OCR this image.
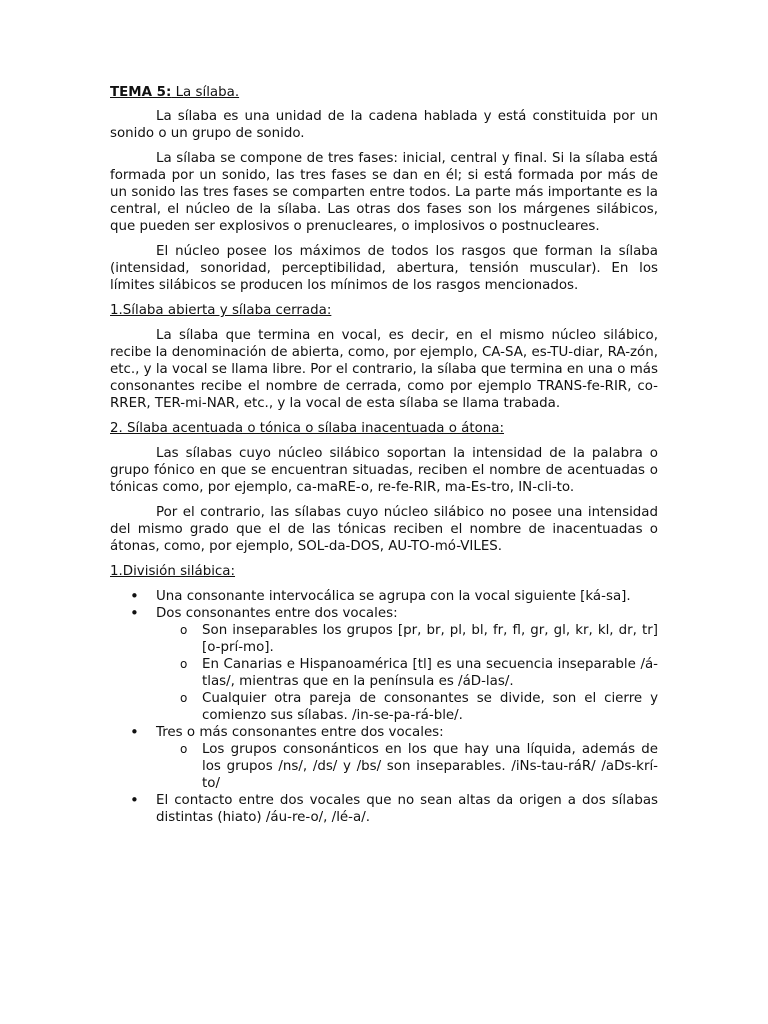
TEMA 5: La sílaba.

La sílaba es una unidad de la cadena hablada y está constituida por un sonido o un grupo de sonido.

La sílaba se compone de tres fases: inicial, central y final. Si la sílaba está formada por un sonido, las tres fases se dan en él; si está formada por más de un sonido las tres fases se comparten entre todos. La parte más importante es la central, el núcleo de la sílaba. Las otras dos fases son los márgenes silábicos, que pueden ser explosivos o prenucleares, o implosivos o postnucleares.

El núcleo posee los máximos de todos los rasgos que forman la sílaba (intensidad, sonoridad, perceptibilidad, abertura, tensión muscular). En los límites silábicos se producen los mínimos de los rasgos mencionados.

1.Sílaba abierta y sílaba cerrada:

La sílaba que termina en vocal, es decir, en el mismo núcleo silábico, recibe la denominación de abierta, como, por ejemplo, CA-SA, es-TU-diar, RA-zón, etc., y la vocal se llama libre. Por el contrario, la sílaba que termina en una o más consonantes recibe el nombre de cerrada, como por ejemplo TRANS-fe-RIR, co-RRER, TER-mi-NAR, etc., y la vocal de esta sílaba se llama trabada.

2. Sílaba acentuada o tónica o sílaba inacentuada o átona:

Las sílabas cuyo núcleo silábico soportan la intensidad de la palabra o grupo fónico en que se encuentran situadas, reciben el nombre de acentuadas o tónicas como, por ejemplo, ca-maRE-o, re-fe-RIR, ma-Es-tro, IN-cli-to.

Por el contrario, las sílabas cuyo núcleo silábico no posee una intensidad del mismo grado que el de las tónicas reciben el nombre de inacentuadas o átonas, como, por ejemplo, SOL-da-DOS, AU-TO-mó-VILES.

1.División silábica:

• Una consonante intervocálica se agrupa con la vocal siguiente [ká-sa].
• Dos consonantes entre dos vocales:
o Son inseparables los grupos [pr, br, pl, bl, fr, fl, gr, gl, kr, kl, dr, tr] [o-prí-mo].
o En Canarias e Hispanoamérica [tl] es una secuencia inseparable /á-tlas/, mientras que en la península es /áD-las/.
o Cualquier otra pareja de consonantes se divide, son el cierre y comienzo sus sílabas. /in-se-pa-rá-ble/.
• Tres o más consonantes entre dos vocales:
o Los grupos consonánticos en los que hay una líquida, además de los grupos /ns/, /ds/ y /bs/ son inseparables. /iNs-tau-ráR/ /aDs-krí-to/
• El contacto entre dos vocales que no sean altas da origen a dos sílabas distintas (hiato) /áu-re-o/, /lé-a/.
